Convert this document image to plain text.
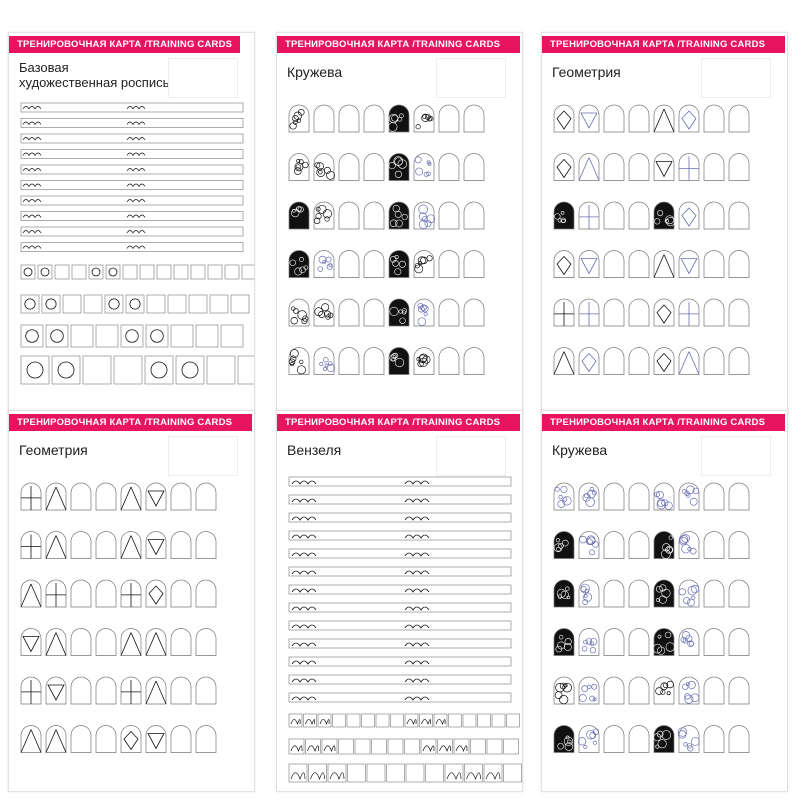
ТРЕНИРОВОЧНАЯ КАРТА /TRAINING CARDS
Базовая
художественная роспись
ТРЕНИРОВОЧНАЯ КАРТА /TRAINING CARDS
Кружева
ТРЕНИРОВОЧНАЯ КАРТА /TRAINING CARDS
Геометрия
ТРЕНИРОВОЧНАЯ КАРТА /TRAINING CARDS
Геометрия
ТРЕНИРОВОЧНАЯ КАРТА /TRAINING CARDS
Вензеля
ТРЕНИРОВОЧНАЯ КАРТА /TRAINING CARDS
Кружева
